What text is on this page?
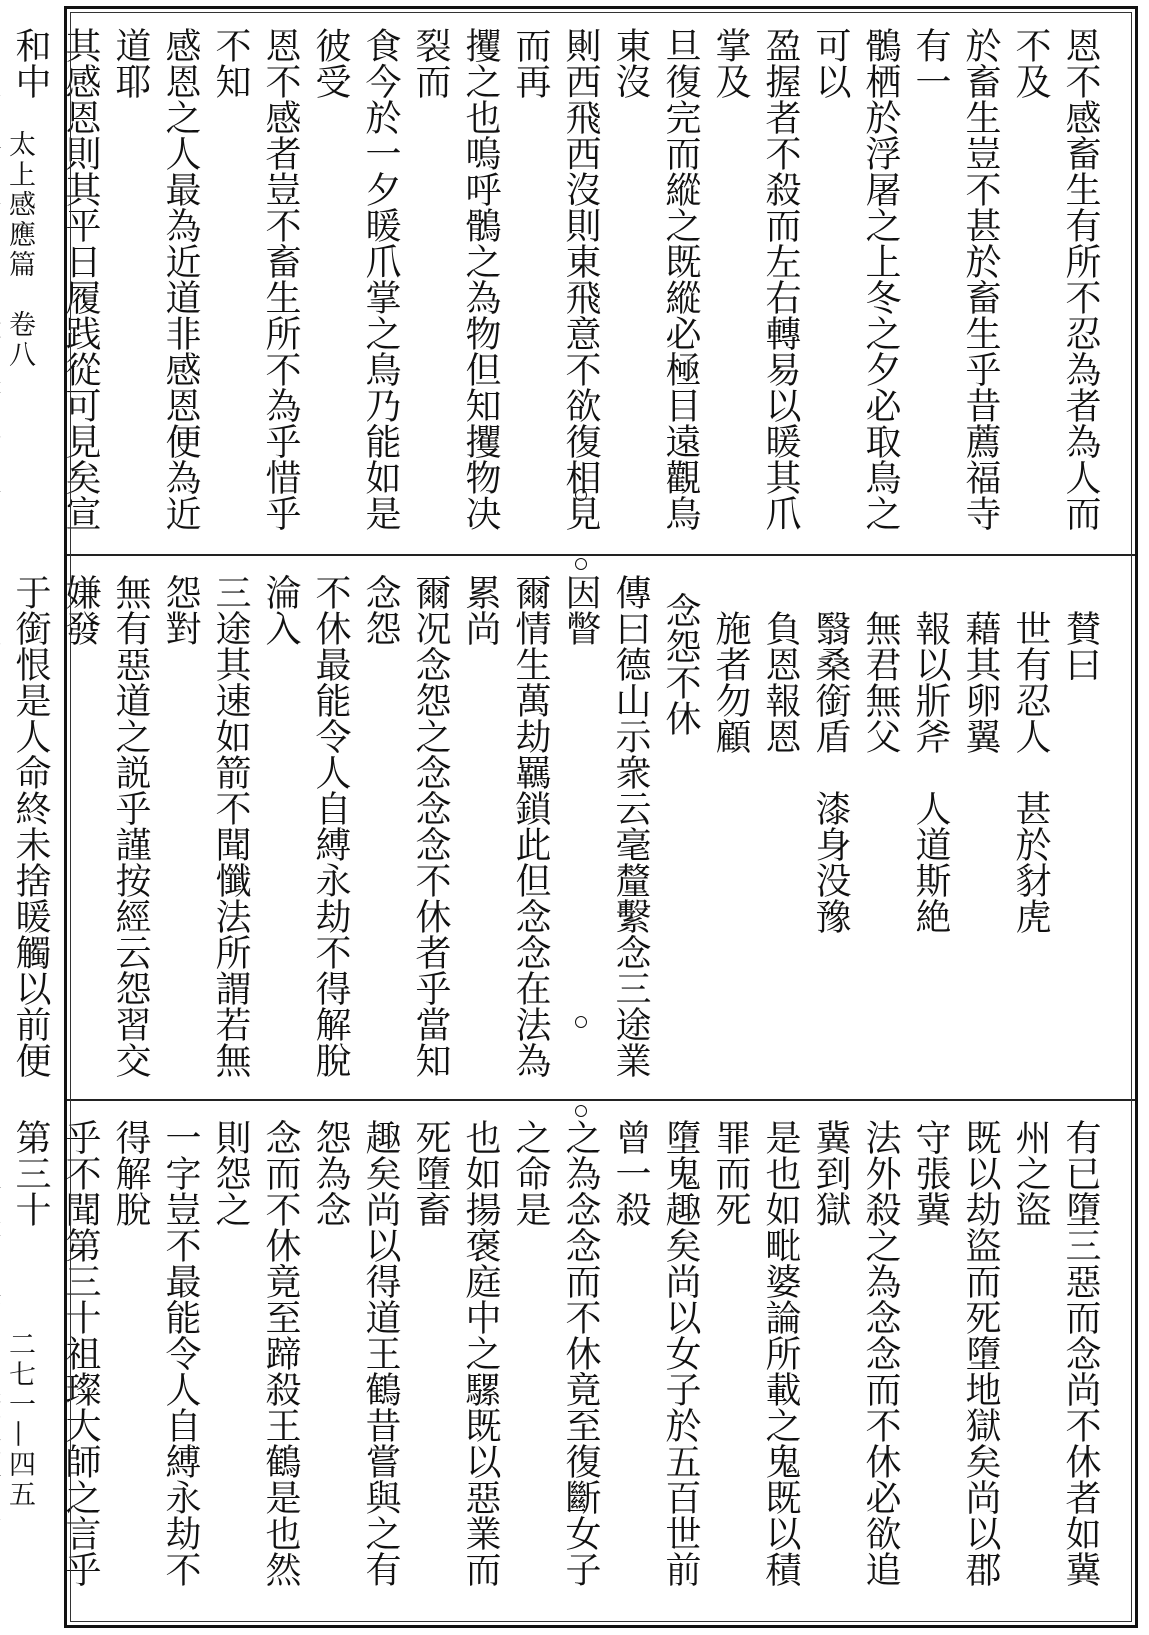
太上感應篇　卷八
二七一—四五
恩不感畜生有所不忍為者為人而不及
於畜生豈不甚於畜生乎昔薦福寺有一
鶻栖於浮屠之上冬之夕必取鳥之可以
盈握者不殺而左右轉易以暖其爪掌及
旦復完而縱之既縱必極目遠觀鳥東沒
則西飛西沒則東飛意不欲復相見而再
攫之也嗚呼鶻之為物但知攫物决裂而
食今於一夕暖爪掌之鳥乃能如是彼受
恩不感者豈不畜生所不為乎惜乎不知
感恩之人最為近道非感恩便為近道耶
其感恩則其平日履践從可見矣宣和中
賛曰
世有忍人甚於豺虎藉其卵翼
報以斨斧人道斯絶無君無父
翳桑銜盾漆身没豫負恩報恩
施者勿顧
念怨不休
傳曰德山示衆云毫釐繫念三途業因瞥
爾情生萬劫羈鎖此但念念在法為累尚
爾况念怨之念念念不休者乎當知念怨
不休最能令人自縛永劫不得解脫淪入
三途其速如箭不聞懺法所謂若無怨對
無有惡道之説乎謹按經云怨習交嫌發
于銜恨是人命終未捨暖觸以前便
有已墮三惡而念尚不休者如冀州之盜
既以劫盜而死墮地獄矣尚以郡守張冀
法外殺之為念念而不休必欲追冀到獄
是也如毗婆論所載之鬼既以積罪而死
墮鬼趣矣尚以女子於五百世前曾一殺
之為念念而不休竟至復斷女子之命是
也如揚褒庭中之騾既以惡業而死墮畜
趣矣尚以得道王鶴昔嘗與之有怨為念
念而不休竟至蹄殺王鶴是也然則怨之
一字豈不最能令人自縛永劫不得解脫
乎不聞第三十祖璨大師之言乎第三十
